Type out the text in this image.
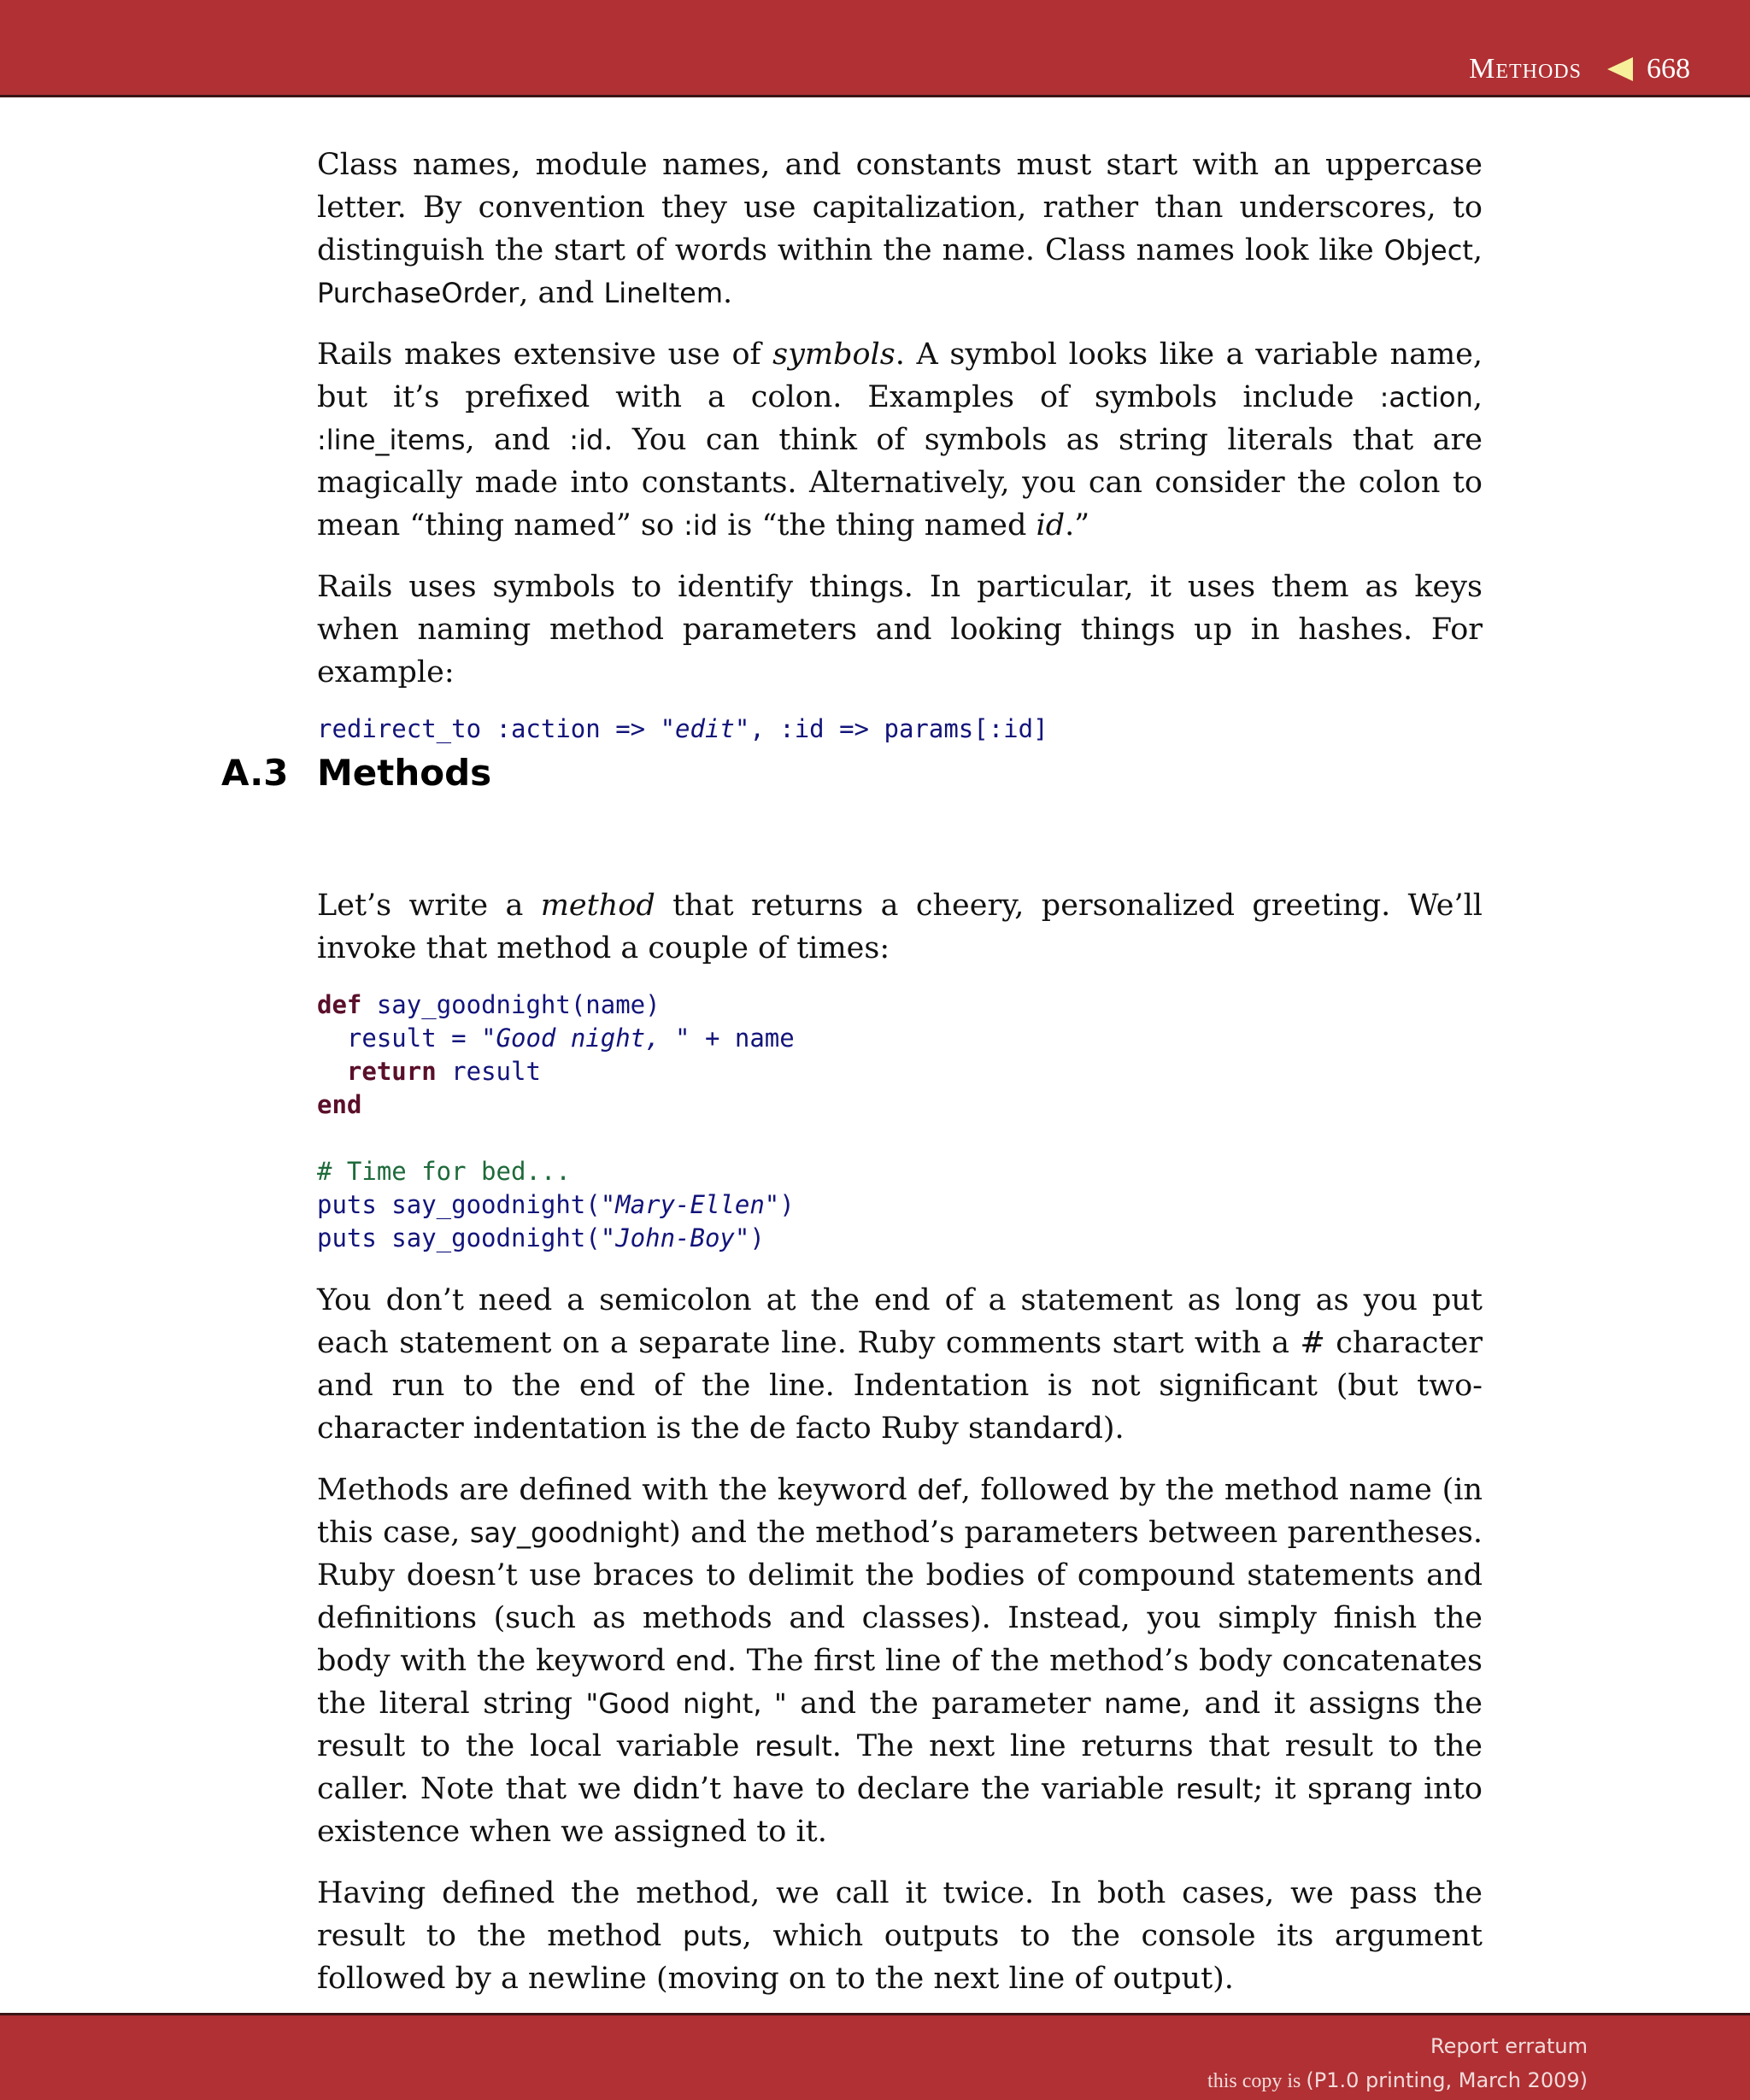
Methods 668

Class names, module names, and constants must start with an uppercase letter. By convention they use capitalization, rather than underscores, to distinguish the start of words within the name. Class names look like Object, PurchaseOrder, and LineItem.

Rails makes extensive use of symbols. A symbol looks like a variable name, but it’s prefixed with a colon. Examples of symbols include :action, :line_items, and :id. You can think of symbols as string literals that are magically made into constants. Alternatively, you can consider the colon to mean “thing named” so :id is “the thing named id.”

Rails uses symbols to identify things. In particular, it uses them as keys when naming method parameters and looking things up in hashes. For example:

redirect_to :action => "edit", :id => params[:id]

Let’s write a method that returns a cheery, personalized greeting. We’ll invoke that method a couple of times:

def say_goodnight(name)
result = "Good night, " + name
return result
end

# Time for bed...
puts say_goodnight("Mary-Ellen")
puts say_goodnight("John-Boy")

You don’t need a semicolon at the end of a statement as long as you put each statement on a separate line. Ruby comments start with a # character and run to the end of the line. Indentation is not significant (but two-character indentation is the de facto Ruby standard).

Methods are defined with the keyword def, followed by the method name (in this case, say_goodnight) and the method’s parameters between parentheses. Ruby doesn’t use braces to delimit the bodies of compound statements and definitions (such as methods and classes). Instead, you simply finish the body with the keyword end. The first line of the method’s body concatenates the literal string "Good night, " and the parameter name, and it assigns the result to the local variable result. The next line returns that result to the caller. Note that we didn’t have to declare the variable result; it sprang into existence when we assigned to it.

Having defined the method, we call it twice. In both cases, we pass the result to the method puts, which outputs to the console its argument followed by a newline (moving on to the next line of output).

A.3 Methods
Report erratum
this copy is (P1.0 printing, March 2009)
